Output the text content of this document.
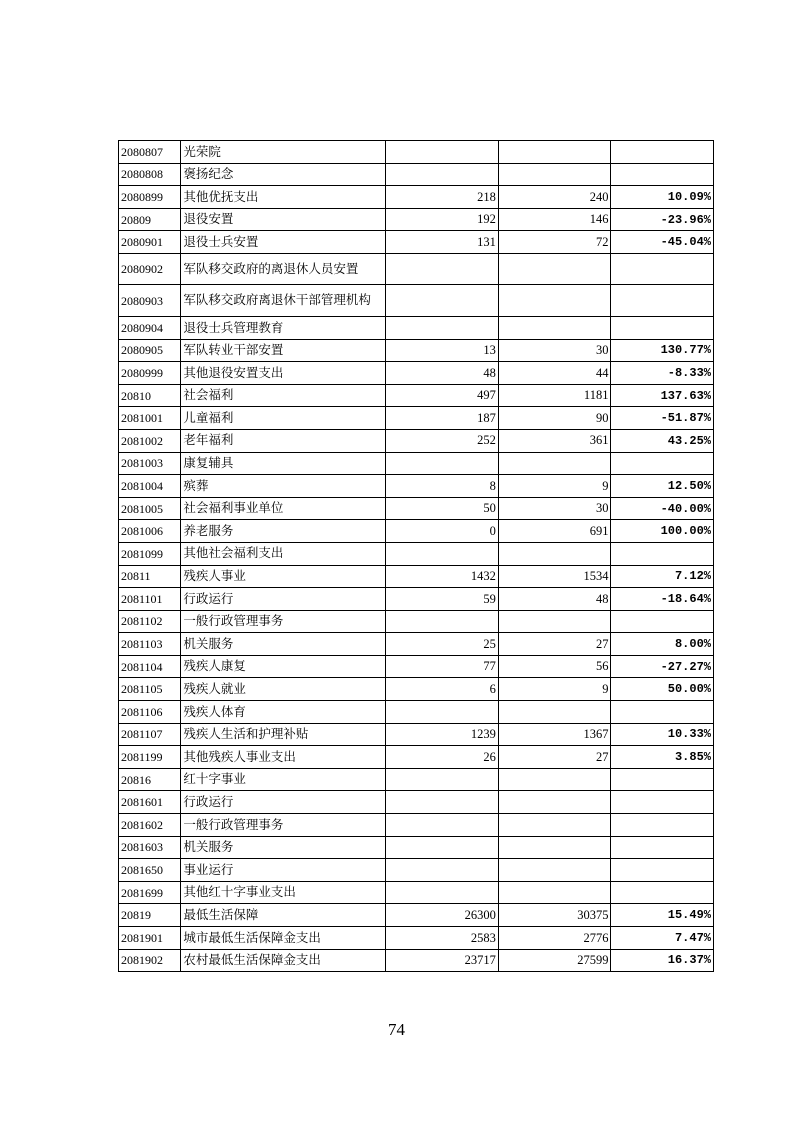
2080807	光荣院			
2080808	褒扬纪念			
2080899	其他优抚支出	218	240	10.09%
20809	退役安置	192	146	-23.96%
2080901	退役士兵安置	131	72	-45.04%
2080902	军队移交政府的离退休人员安置			
2080903	军队移交政府离退休干部管理机构			
2080904	退役士兵管理教育			
2080905	军队转业干部安置	13	30	130.77%
2080999	其他退役安置支出	48	44	-8.33%
20810	社会福利	497	1181	137.63%
2081001	儿童福利	187	90	-51.87%
2081002	老年福利	252	361	43.25%
2081003	康复辅具			
2081004	殡葬	8	9	12.50%
2081005	社会福利事业单位	50	30	-40.00%
2081006	养老服务	0	691	100.00%
2081099	其他社会福利支出			
20811	残疾人事业	1432	1534	7.12%
2081101	行政运行	59	48	-18.64%
2081102	一般行政管理事务			
2081103	机关服务	25	27	8.00%
2081104	残疾人康复	77	56	-27.27%
2081105	残疾人就业	6	9	50.00%
2081106	残疾人体育			
2081107	残疾人生活和护理补贴	1239	1367	10.33%
2081199	其他残疾人事业支出	26	27	3.85%
20816	红十字事业			
2081601	行政运行			
2081602	一般行政管理事务			
2081603	机关服务			
2081650	事业运行			
2081699	其他红十字事业支出			
20819	最低生活保障	26300	30375	15.49%
2081901	城市最低生活保障金支出	2583	2776	7.47%
2081902	农村最低生活保障金支出	23717	27599	16.37%
74
